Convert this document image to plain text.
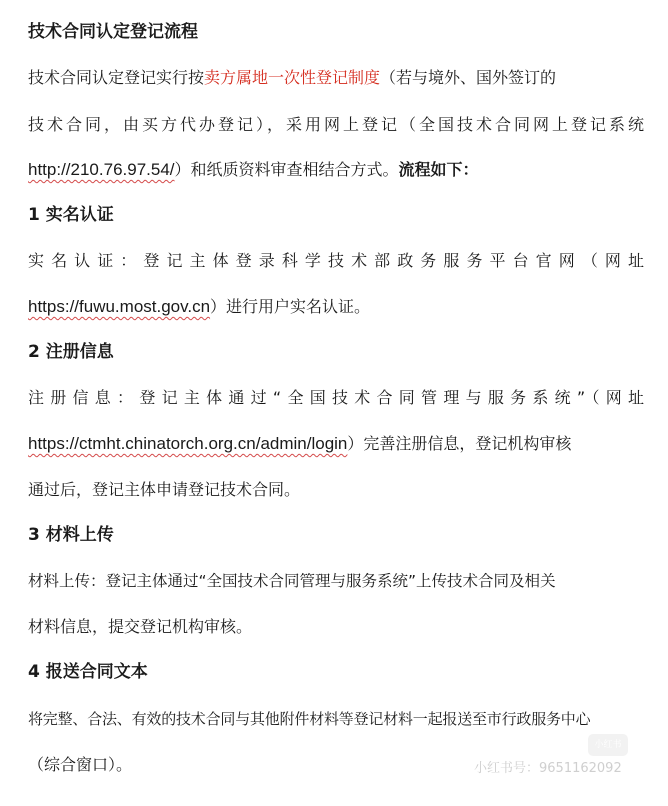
技术合同认定登记流程
技术合同认定登记实行按卖方属地一次性登记制度（若与境外、国外签订的
技术合同，由买方代办登记），采用网上登记（全国技术合同网上登记系统
http://210.76.97.54/）和纸质资料审查相结合方式。流程如下：
1 实名认证
实名认证：登记主体登录科学技术部政务服务平台官网（网址
https://fuwu.most.gov.cn）进行用户实名认证。
2 注册信息
注册信息：登记主体通过“全国技术合同管理与服务系统”（网址
https://ctmht.chinatorch.org.cn/admin/login）完善注册信息，登记机构审核
通过后，登记主体申请登记技术合同。
3 材料上传
材料上传：登记主体通过“全国技术合同管理与服务系统”上传技术合同及相关
材料信息，提交登记机构审核。
4 报送合同文本
将完整、合法、有效的技术合同与其他附件材料等登记材料一起报送至市行政服务中心
（综合窗口）。
小红书
小红书号：9651162092
